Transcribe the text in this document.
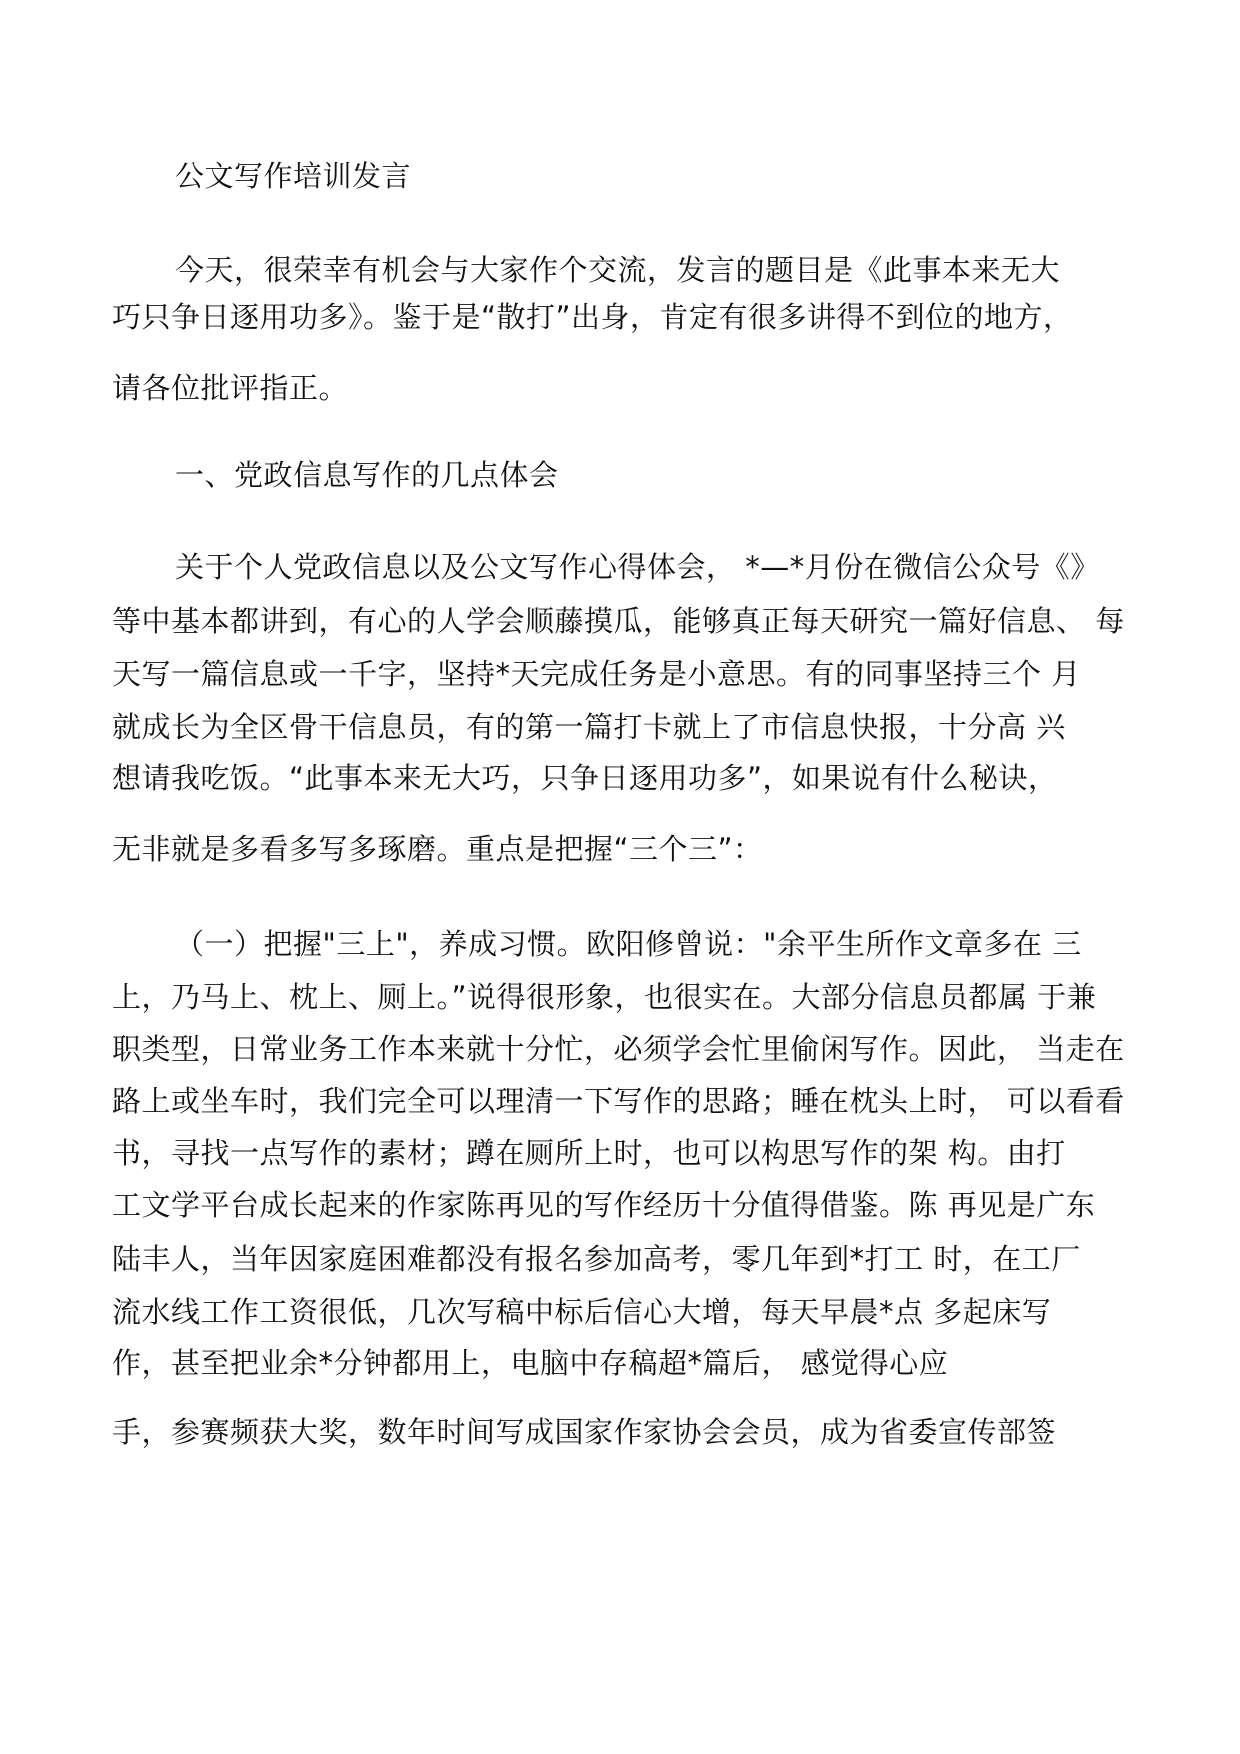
公文写作培训发言

今天，很荣幸有机会与大家作个交流，发言的题目是《此事本来无大

巧只争日逐用功多》。鉴于是“散打”出身，肯定有很多讲得不到位的地方，

请各位批评指正。

一、党政信息写作的几点体会

关于个人党政信息以及公文写作心得体会， *—*月份在微信公众号《》

等中基本都讲到，有心的人学会顺藤摸瓜，能够真正每天研究一篇好信息、 每

天写一篇信息或一千字，坚持*天完成任务是小意思。有的同事坚持三个 月

就成长为全区骨干信息员，有的第一篇打卡就上了市信息快报，十分高 兴

想请我吃饭。“此事本来无大巧，只争日逐用功多”，如果说有什么秘诀，

无非就是多看多写多琢磨。重点是把握“三个三”：

（一）把握"三上"，养成习惯。欧阳修曾说："余平生所作文章多在 三

上，乃马上、枕上、厕上。”说得很形象，也很实在。大部分信息员都属 于兼

职类型，日常业务工作本来就十分忙，必须学会忙里偷闲写作。因此， 当走在

路上或坐车时，我们完全可以理清一下写作的思路；睡在枕头上时， 可以看看

书，寻找一点写作的素材；蹲在厕所上时，也可以构思写作的架 构。由打

工文学平台成长起来的作家陈再见的写作经历十分值得借鉴。陈 再见是广东

陆丰人，当年因家庭困难都没有报名参加高考，零几年到*打工 时，在工厂

流水线工作工资很低，几次写稿中标后信心大增，每天早晨*点 多起床写

作，甚至把业余*分钟都用上，电脑中存稿超*篇后， 感觉得心应

手，参赛频获大奖，数年时间写成国家作家协会会员，成为省委宣传部签
